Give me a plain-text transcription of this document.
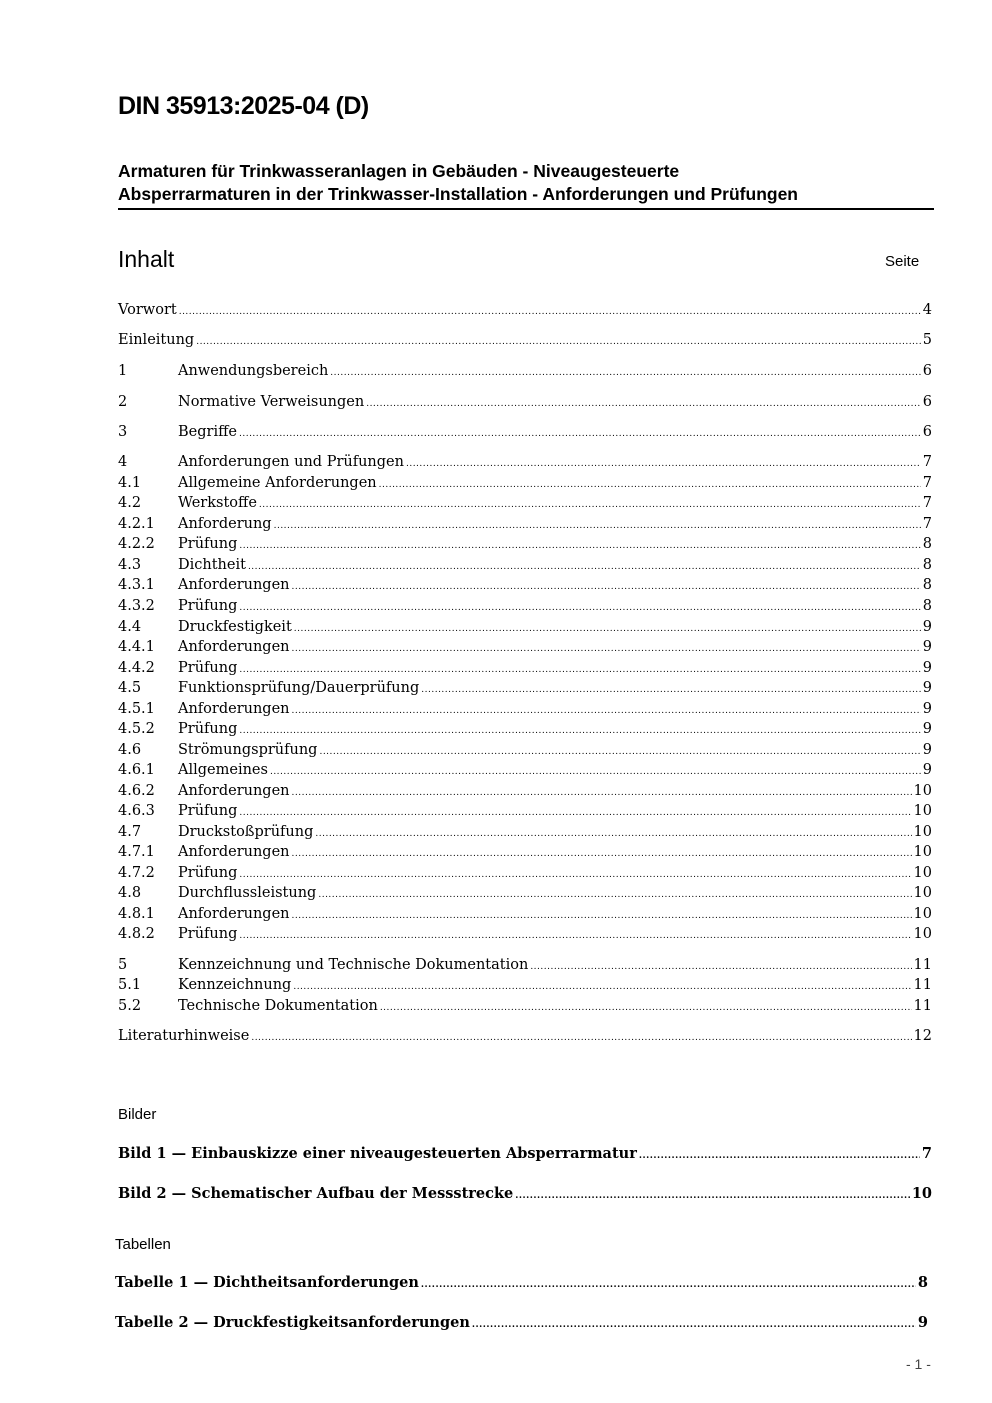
DIN 35913:2025-04 (D)
Armaturen für Trinkwasseranlagen in Gebäuden - Niveaugesteuerte
Absperrarmaturen in der Trinkwasser-Installation - Anforderungen und Prüfungen
Inhalt	Seite
Vorwort .....	4
Einleitung .....	5
1	Anwendungsbereich .....	6
2	Normative Verweisungen .....	6
3	Begriffe .....	6
4	Anforderungen und Prüfungen .....	7
4.1	Allgemeine Anforderungen .....	7
4.2	Werkstoffe .....	7
4.2.1	Anforderung .....	7
4.2.2	Prüfung .....	8
4.3	Dichtheit .....	8
4.3.1	Anforderungen .....	8
4.3.2	Prüfung .....	8
4.4	Druckfestigkeit .....	9
4.4.1	Anforderungen .....	9
4.4.2	Prüfung .....	9
4.5	Funktionsprüfung/Dauerprüfung .....	9
4.5.1	Anforderungen .....	9
4.5.2	Prüfung .....	9
4.6	Strömungsprüfung .....	9
4.6.1	Allgemeines .....	9
4.6.2	Anforderungen .....	10
4.6.3	Prüfung .....	10
4.7	Druckstoßprüfung .....	10
4.7.1	Anforderungen .....	10
4.7.2	Prüfung .....	10
4.8	Durchflussleistung .....	10
4.8.1	Anforderungen .....	10
4.8.2	Prüfung .....	10
5	Kennzeichnung und Technische Dokumentation .....	11
5.1	Kennzeichnung .....	11
5.2	Technische Dokumentation .....	11
Literaturhinweise .....	12
Bilder
Bild 1 — Einbauskizze einer niveaugesteuerten Absperrarmatur .....	7
Bild 2 — Schematischer Aufbau der Messstrecke .....	10
Tabellen
Tabelle 1 — Dichtheitsanforderungen .....	8
Tabelle 2 — Druckfestigkeitsanforderungen .....	9
- 1 -
